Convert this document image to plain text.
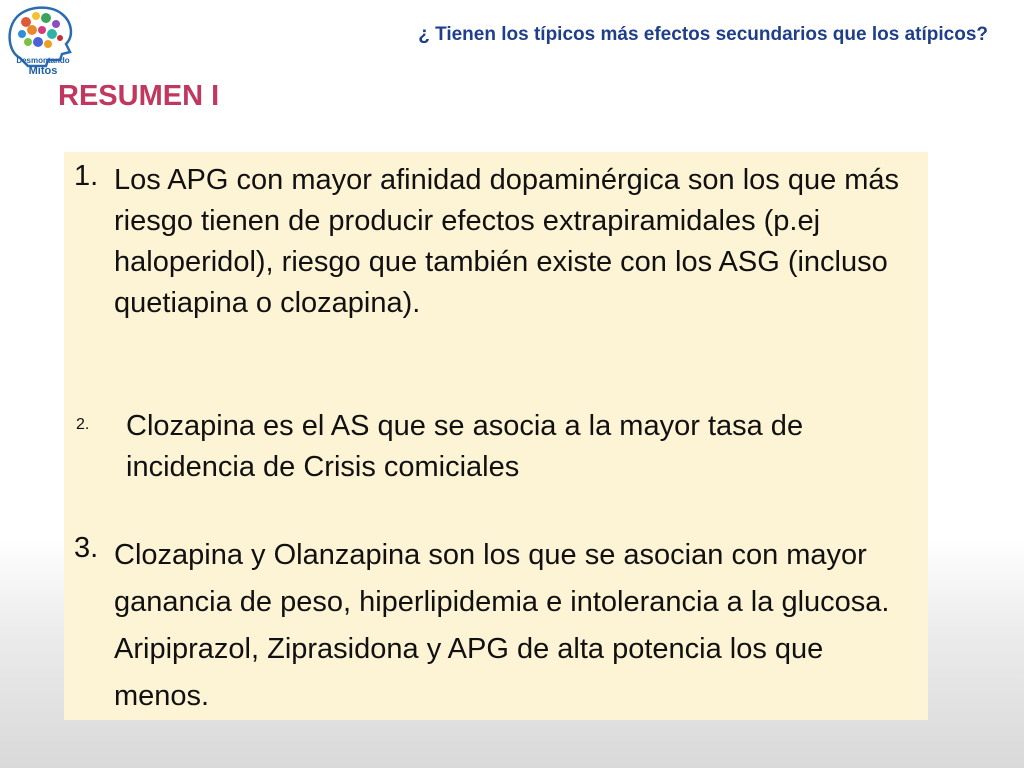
Desmontando
Mitos
¿ Tienen los típicos más efectos secundarios que los atípicos?
RESUMEN I
1. Los APG con mayor afinidad dopaminérgica son los que más riesgo tienen de producir efectos extrapiramidales (p.ej haloperidol), riesgo que también existe con los ASG (incluso quetiapina o clozapina).
2. Clozapina es el AS que se asocia a la mayor tasa de incidencia de Crisis comiciales
3. Clozapina y Olanzapina son los que se asocian con mayor ganancia de peso, hiperlipidemia e intolerancia a la glucosa. Aripiprazol, Ziprasidona y APG de alta potencia los que menos.
